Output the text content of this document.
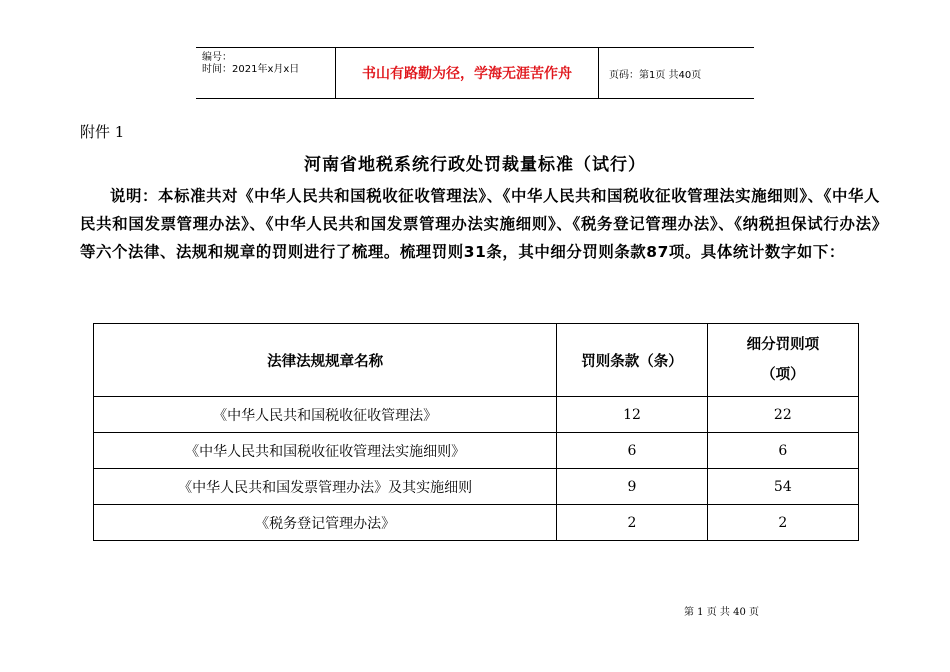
编号：
时间：2021年x月x日	书山有路勤为径，学海无涯苦作舟	页码：第1页 共40页
附件 1
河南省地税系统行政处罚裁量标准（试行）
说明：本标准共对《中华人民共和国税收征收管理法》、《中华人民共和国税收征收管理法实施细则》、《中华人民共和国发票管理办法》、《中华人民共和国发票管理办法实施细则》、《税务登记管理办法》、《纳税担保试行办法》等六个法律、法规和规章的罚则进行了梳理。梳理罚则31条，其中细分罚则条款87项。具体统计数字如下：
法律法规规章名称	罚则条款（条）	细分罚则项
（项）

《中华人民共和国税收征收管理法》	12	22
《中华人民共和国税收征收管理法实施细则》	6	6
《中华人民共和国发票管理办法》及其实施细则	9	54
《税务登记管理办法》	2	2
第 1 页 共 40 页
